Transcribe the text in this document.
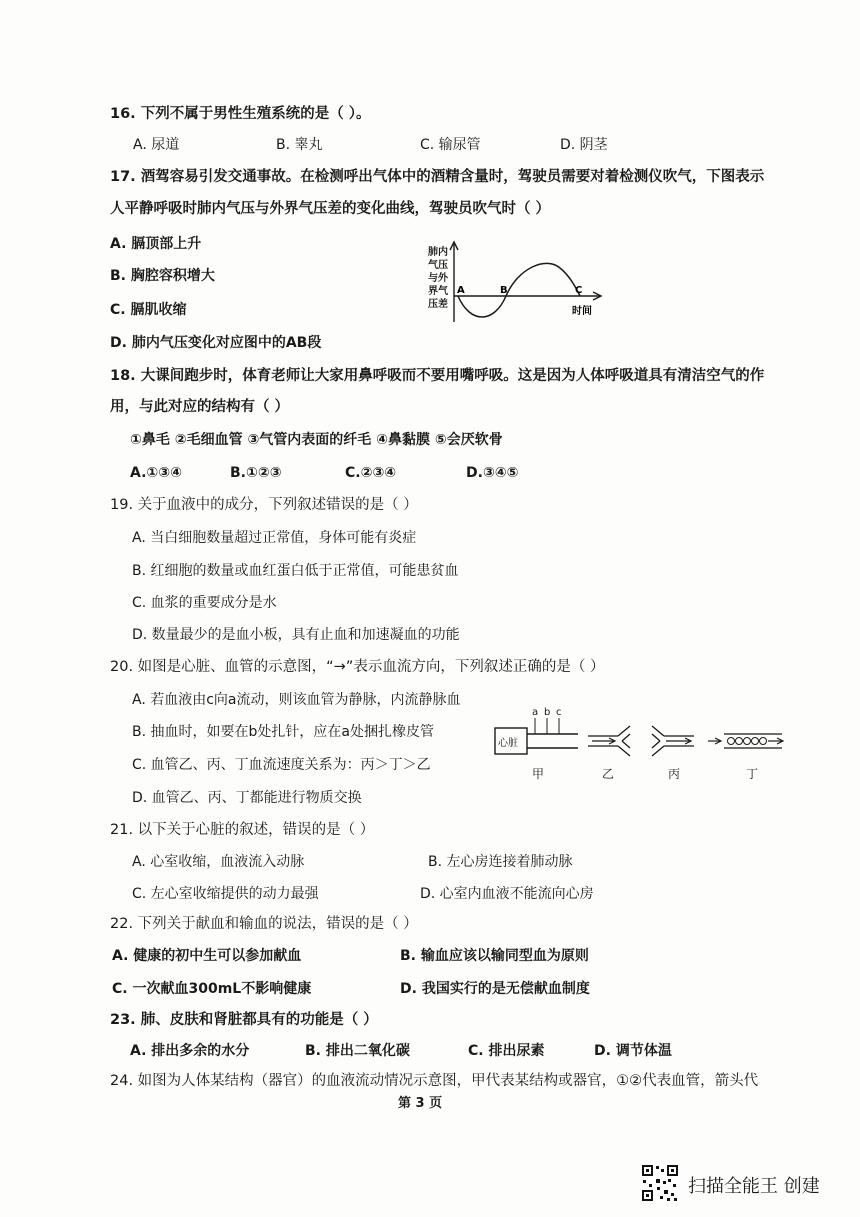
16. 下列不属于男性生殖系统的是（ ）。
A. 尿道	B. 睾丸	C. 输尿管	D. 阴茎
17. 酒驾容易引发交通事故。在检测呼出气体中的酒精含量时，驾驶员需要对着检测仪吹气，下图表示
人平静呼吸时肺内气压与外界气压差的变化曲线，驾驶员吹气时（ ）
A. 膈顶部上升
B. 胸腔容积增大
C. 膈肌收缩
D. 肺内气压变化对应图中的AB段
肺内
气压
与外
界气
压差
A	B	C
时间
18. 大课间跑步时，体育老师让大家用鼻呼吸而不要用嘴呼吸。这是因为人体呼吸道具有清洁空气的作
用，与此对应的结构有（ ）
①鼻毛 ②毛细血管 ③气管内表面的纤毛 ④鼻黏膜 ⑤会厌软骨
A.①③④	B.①②③	C.②③④	D.③④⑤
19. 关于血液中的成分，下列叙述错误的是（ ）
A. 当白细胞数量超过正常值，身体可能有炎症
B. 红细胞的数量或血红蛋白低于正常值，可能患贫血
C. 血浆的重要成分是水
D. 数量最少的是血小板，具有止血和加速凝血的功能
20. 如图是心脏、血管的示意图，“→”表示血流方向，下列叙述正确的是（ ）
A. 若血液由c向a流动，则该血管为静脉，内流静脉血
B. 抽血时，如要在b处扎针，应在a处捆扎橡皮管
C. 血管乙、丙、丁血流速度关系为：丙＞丁＞乙
D. 血管乙、丙、丁都能进行物质交换
心脏
a b c
甲	乙	丙	丁
21. 以下关于心脏的叙述，错误的是（ ）
A. 心室收缩，血液流入动脉	B. 左心房连接着肺动脉
C. 左心室收缩提供的动力最强	D. 心室内血液不能流向心房
22. 下列关于献血和输血的说法，错误的是（ ）
A. 健康的初中生可以参加献血	B. 输血应该以输同型血为原则
C. 一次献血300mL不影响健康	D. 我国实行的是无偿献血制度
23. 肺、皮肤和肾脏都具有的功能是（ ）
A. 排出多余的水分	B. 排出二氧化碳	C. 排出尿素	D. 调节体温
24. 如图为人体某结构（器官）的血液流动情况示意图，甲代表某结构或器官，①②代表血管，箭头代
第 3 页
扫描全能王 创建
